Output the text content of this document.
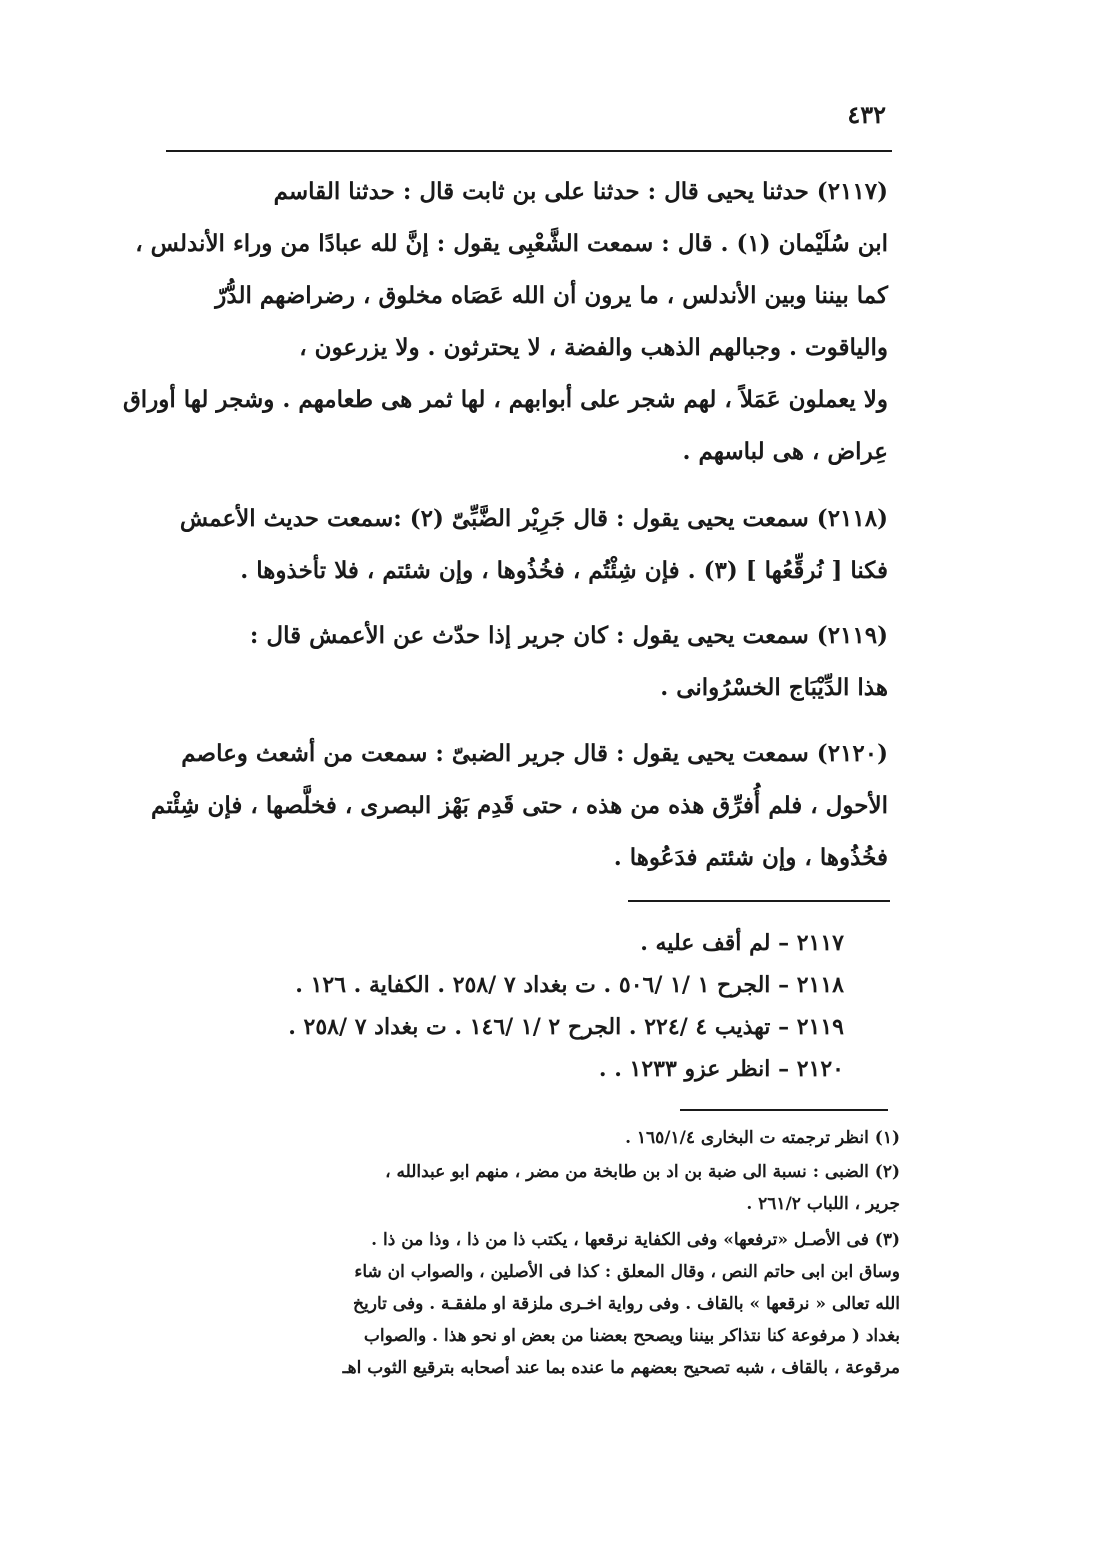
٤٣٢
(٢١١٧) حدثنا يحيى قال : حدثنا على بن ثابت قال : حدثنا القاسم
ابن سُلَيْمان (١) . قال : سمعت الشَّعْبِى يقول : إنَّ لله عبادًا من وراء الأندلس ،
كما بيننا وبين الأندلس ، ما يرون أن الله عَصَاه مخلوق ، رضراضهم الدُّرّ
والياقوت . وجبالهم الذهب والفضة ، لا يحترثون . ولا يزرعون ،
ولا يعملون عَمَلاً ، لهم شجر على أبوابهم ، لها ثمر هى طعامهم . وشجر لها أوراق
عِراض ، هى لباسهم .
(٢١١٨) سمعت يحيى يقول : قال جَرِيْر الضَّبِّىّ (٢) :سمعت حديث الأعمش
فكنا [ نُرقِّعُها ] (٣) . فإن شِئْتُم ، فخُذُوها ، وإن شئتم ، فلا تأخذوها .
(٢١١٩) سمعت يحيى يقول : كان جرير إذا حدّث عن الأعمش قال :
هذا الدِّيْبَاج الخسْرُوانى .
(٢١٢٠) سمعت يحيى يقول : قال جرير الضبىّ : سمعت من أشعث وعاصم
الأحول ، فلم أُفرِّق هذه من هذه ، حتى قَدِم بَهْز البصرى ، فخلَّصها ، فإن شِئْتم
فخُذُوها ، وإن شئتم فدَعُوها .
٢١١٧ – لم أقف عليه .
٢١١٨ – الجرح ١ /١ /٥٠٦ . ت بغداد ٧ /٢٥٨ . الكفاية . ١٢٦ .
٢١١٩ – تهذيب ٤ /٢٢٤ . الجرح ٢ /١ /١٤٦ . ت بغداد ٧ /٢٥٨ .
٢١٢٠ – انظر عزو ١٢٣٣ . .
(١) انظر ترجمته ت البخارى ١٦٥/١/٤ .
(٢) الضبى : نسبة الى ضبة بن اد بن طابخة من مضر ، منهم ابو عبدالله ،
جرير ، اللباب ٢٦١/٢ .
(٣) فى الأصـل «ترفعها» وفى الكفاية نرقعها ، يكتب ذا من ذا ، وذا من ذا .
وساق ابن ابى حاتم النص ، وقال المعلق : كذا فى الأصلين ، والصواب ان شاء
الله تعالى « نرقعها » بالقاف . وفى رواية اخـرى ملزقة او ملفقـة . وفى تاريخ
بغداد ( مرفوعة كنا نتذاكر بيننا ويصحح بعضنا من بعض او نحو هذا . والصواب
مرقوعة ، بالقاف ، شبه تصحيح بعضهم ما عنده بما عند أصحابه بترقيع الثوب اهـ
